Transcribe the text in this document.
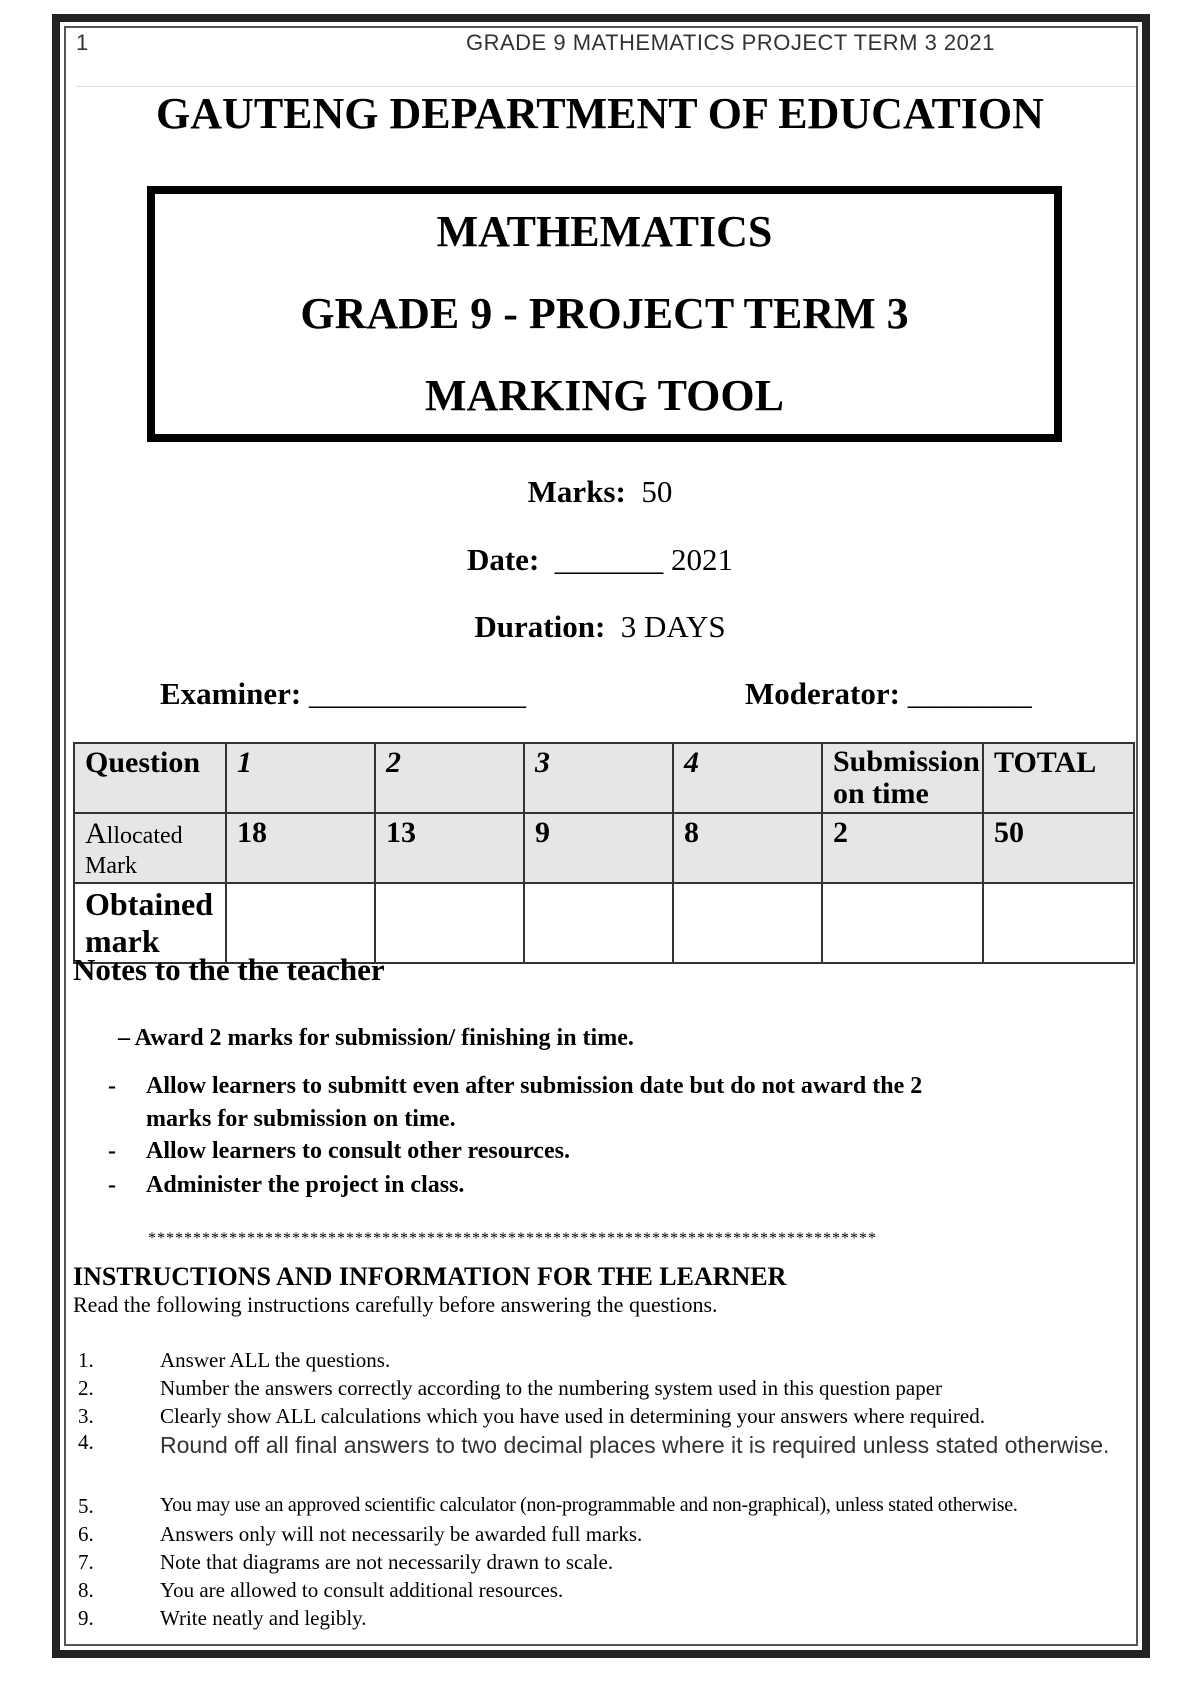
1	GRADE 9 MATHEMATICS PROJECT TERM 3 2021
GAUTENG DEPARTMENT OF EDUCATION
MATHEMATICS
GRADE 9 - PROJECT TERM 3
MARKING TOOL
Marks: 50
Date: _______ 2021
Duration: 3 DAYS
Examiner: ______________	Moderator: ________
Question	1	2	3	4	Submission on time	TOTAL
Allocated
Mark	18	13	9	8	2	50
Obtained mark						
Notes to the the teacher
– Award 2 marks for submission/ finishing in time.
- Allow learners to submitt even after submission date but do not award the 2
marks for submission on time.
- Allow learners to consult other resources.
- Administer the project in class.
*********************************************************************************
INSTRUCTIONS AND INFORMATION FOR THE LEARNER
Read the following instructions carefully before answering the questions.
1.	Answer ALL the questions.
2.	Number the answers correctly according to the numbering system used in this question paper
3.	Clearly show ALL calculations which you have used in determining your answers where required.
4.	Round off all final answers to two decimal places where it is required unless stated otherwise.
5.	You may use an approved scientific calculator (non-programmable and non-graphical), unless stated otherwise.
6.	Answers only will not necessarily be awarded full marks.
7.	Note that diagrams are not necessarily drawn to scale.
8.	You are allowed to consult additional resources.
9.	Write neatly and legibly.
